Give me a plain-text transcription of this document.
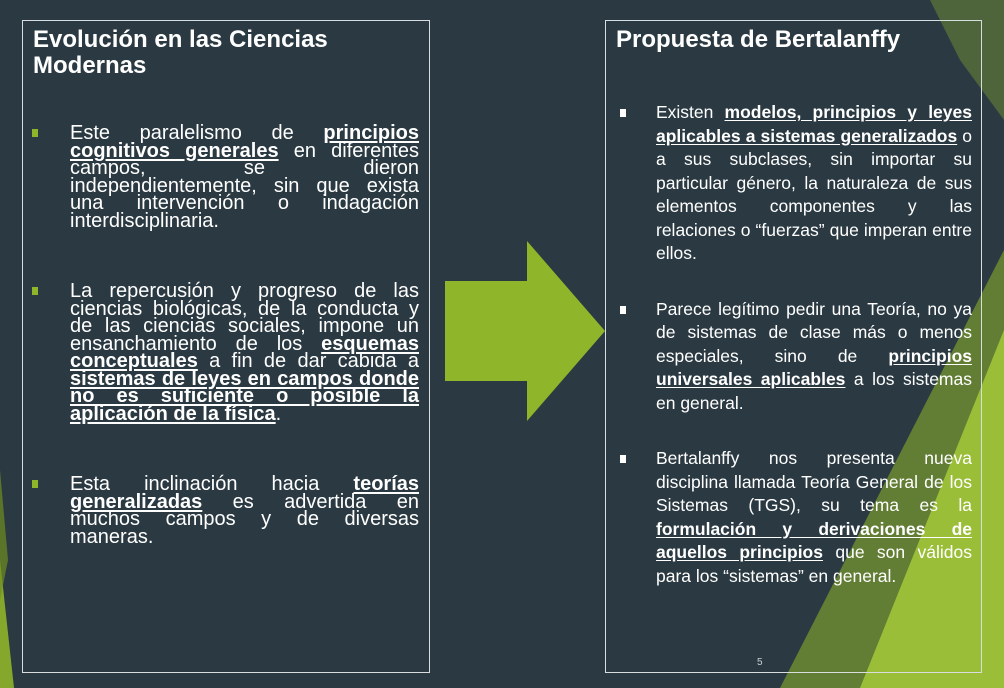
Evolución en las Ciencias Modernas
Este paralelismo de principios cognitivos generales en diferentes campos, se dieron independientemente, sin que exista una intervención o indagación interdisciplinaria.
La repercusión y progreso de las ciencias biológicas, de la conducta y de las ciencias sociales, impone un ensanchamiento de los esquemas conceptuales a fin de dar cabida a sistemas de leyes en campos donde no es suficiente o posible la aplicación de la física.
Esta inclinación hacia teorías generalizadas es advertida en muchos campos y de diversas maneras.
Propuesta de Bertalanffy
Existen modelos, principios y leyes aplicables a sistemas generalizados o a sus subclases, sin importar su particular género, la naturaleza de sus elementos componentes y las relaciones o “fuerzas” que imperan entre ellos.
Parece legítimo pedir una Teoría, no ya de sistemas de clase más o menos especiales, sino de principios universales aplicables a los sistemas en general.
Bertalanffy nos presenta nueva disciplina llamada Teoría General de los Sistemas (TGS), su tema es la formulación y derivaciones de aquellos principios que son válidos para los “sistemas” en general.
5
